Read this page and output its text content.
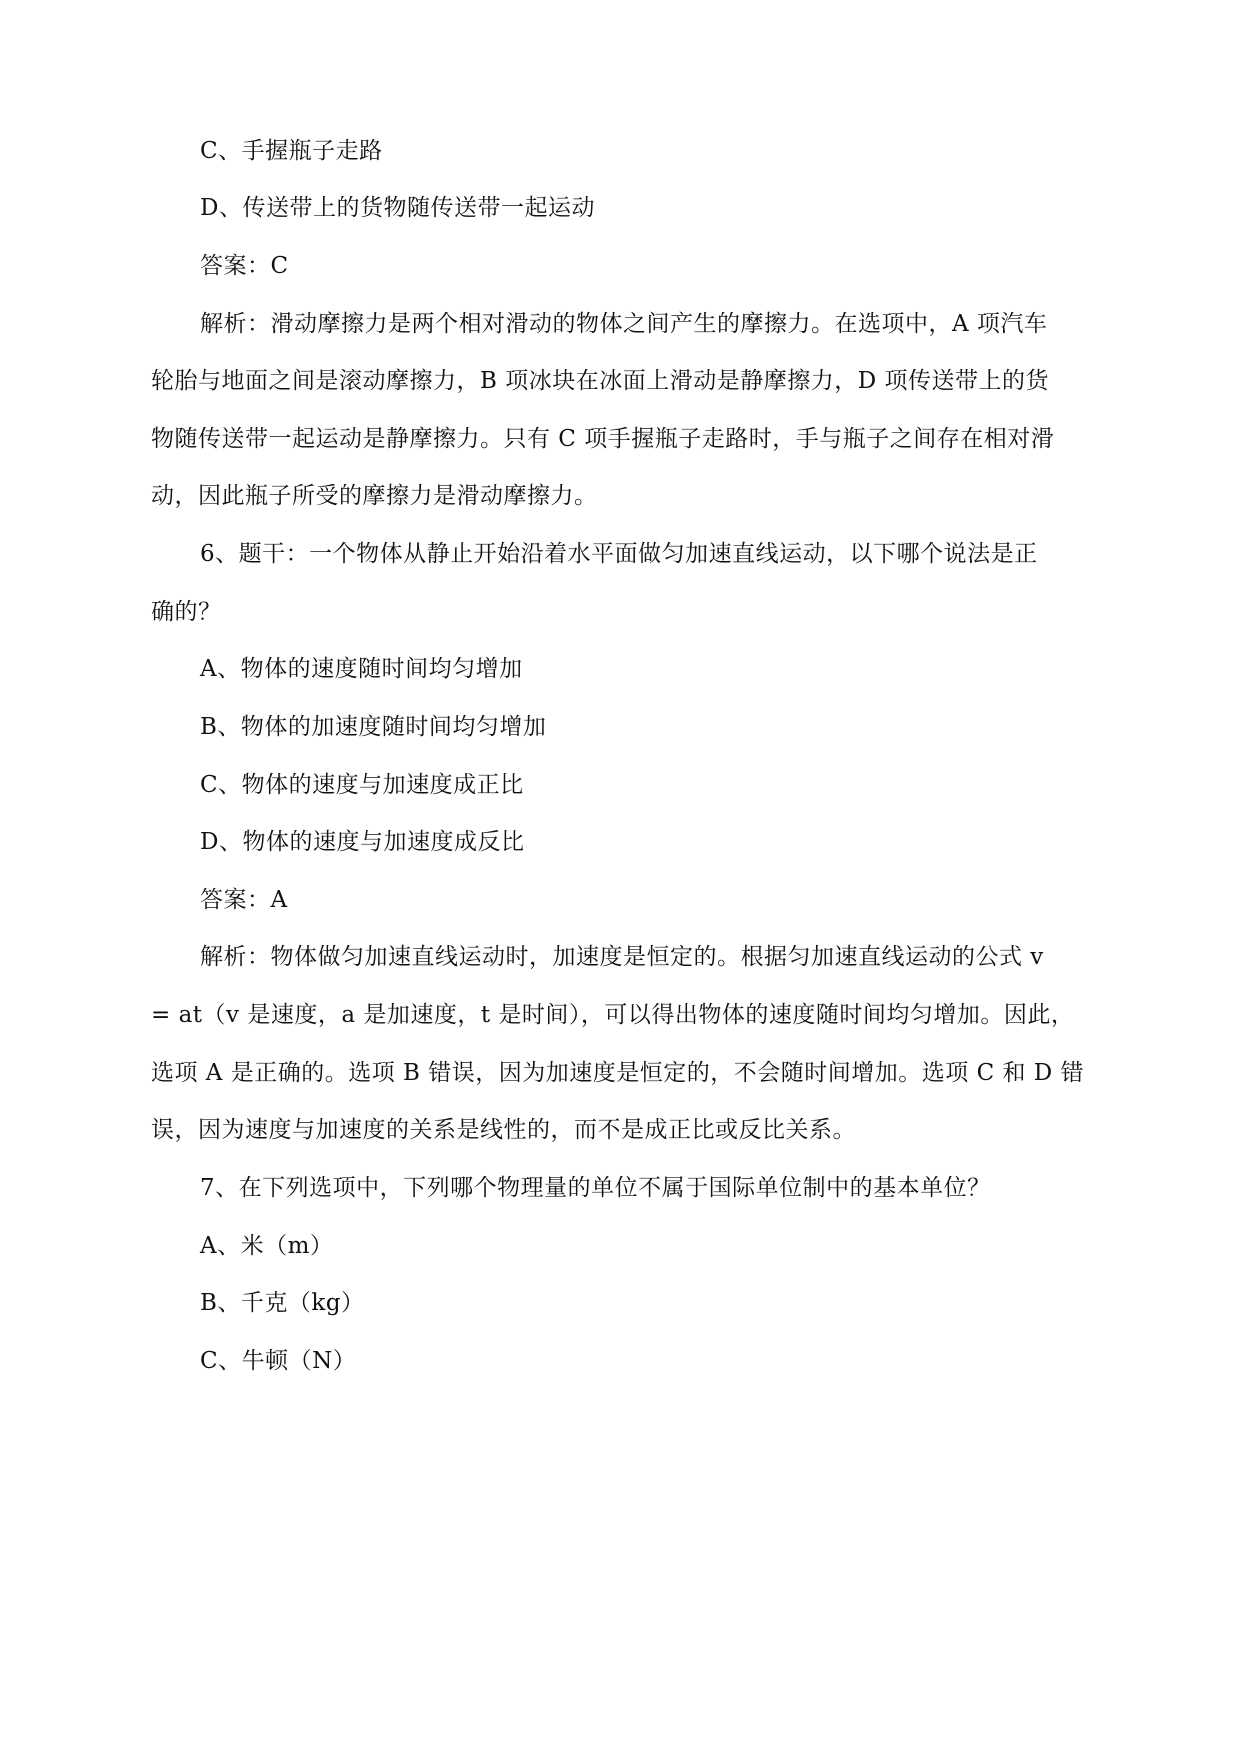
C、手握瓶子走路
D、传送带上的货物随传送带一起运动
答案：C
解析：滑动摩擦力是两个相对滑动的物体之间产生的摩擦力。在选项中，A 项汽车
轮胎与地面之间是滚动摩擦力，B 项冰块在冰面上滑动是静摩擦力，D 项传送带上的货
物随传送带一起运动是静摩擦力。只有 C 项手握瓶子走路时，手与瓶子之间存在相对滑
动，因此瓶子所受的摩擦力是滑动摩擦力。
6、题干：一个物体从静止开始沿着水平面做匀加速直线运动，以下哪个说法是正
确的？
A、物体的速度随时间均匀增加
B、物体的加速度随时间均匀增加
C、物体的速度与加速度成正比
D、物体的速度与加速度成反比
答案：A
解析：物体做匀加速直线运动时，加速度是恒定的。根据匀加速直线运动的公式 v
= at（v 是速度，a 是加速度，t 是时间），可以得出物体的速度随时间均匀增加。因此，
选项 A 是正确的。选项 B 错误，因为加速度是恒定的，不会随时间增加。选项 C 和 D 错
误，因为速度与加速度的关系是线性的，而不是成正比或反比关系。
7、在下列选项中，下列哪个物理量的单位不属于国际单位制中的基本单位？
A、米（m）
B、千克（kg）
C、牛顿（N）
